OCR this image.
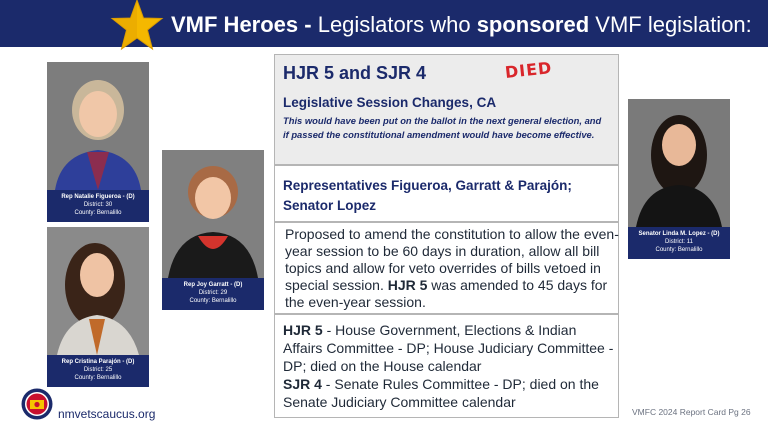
VMF Heroes - Legislators who sponsored VMF legislation:
Rep Natalie Figueroa - (D)
District: 30
County: Bernalillo
Rep Cristina Parajón - (D)
District: 25
County: Bernalillo
Rep Joy Garratt - (D)
District: 29
County: Bernalillo
Senator Linda M. Lopez - (D)
District: 11
County: Bernalillo
HJR 5 and SJR 4	DIED
Legislative Session Changes, CA
This would have been put on the ballot in the next general election, and if passed the constitutional amendment would have become effective.
Representatives Figueroa, Garratt & Parajón; Senator Lopez
Proposed to amend the constitution to allow the even-year session to be 60 days in duration, allow all bill topics and allow for veto overrides of bills vetoed in special session. HJR 5 was amended to 45 days for the even-year session.
HJR 5 - House Government, Elections & Indian Affairs Committee - DP; House Judiciary Committee - DP; died on the House calendar
SJR 4 - Senate Rules Committee - DP; died on the Senate Judiciary Committee calendar
nmvetscaucus.org	VMFC 2024 Report Card Pg 26
